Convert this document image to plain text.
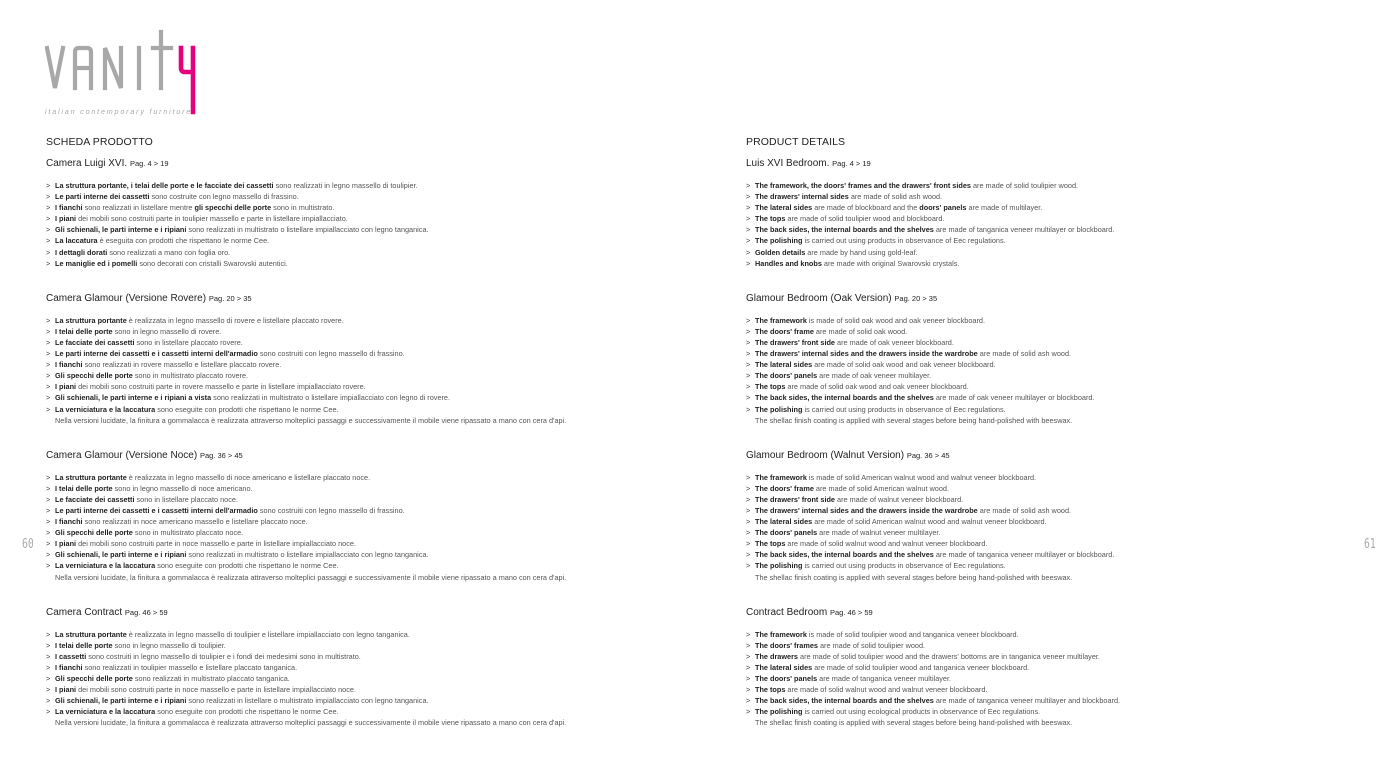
italian contemporary furniture
60	61
SCHEDA PRODOTTO
Camera Luigi XVI. Pag. 4 > 19
> La struttura portante, i telai delle porte e le facciate dei cassetti sono realizzati in legno massello di toulipier.
> Le parti interne dei cassetti sono costruite con legno massello di frassino.
> I fianchi sono realizzati in listellare mentre gli specchi delle porte sono in multistrato.
> I piani dei mobili sono costruiti parte in toulipier massello e parte in listellare impiallacciato.
> Gli schienali, le parti interne e i ripiani sono realizzati in multistrato o listellare impiallacciato con legno tanganica.
> La laccatura è eseguita con prodotti che rispettano le norme Cee.
> I dettagli dorati sono realizzati a mano con foglia oro.
> Le maniglie ed i pomelli sono decorati con cristalli Swarovski autentici.
Camera Glamour (Versione Rovere) Pag. 20 > 35
> La struttura portante è realizzata in legno massello di rovere e listellare placcato rovere.
> I telai delle porte sono in legno massello di rovere.
> Le facciate dei cassetti sono in listellare placcato rovere.
> Le parti interne dei cassetti e i cassetti interni dell'armadio sono costruiti con legno massello di frassino.
> I fianchi sono realizzati in rovere massello e listellare placcato rovere.
> Gli specchi delle porte sono in multistrato placcato rovere.
> I piani dei mobili sono costruiti parte in rovere massello e parte in listellare impiallacciato rovere.
> Gli schienali, le parti interne e i ripiani a vista sono realizzati in multistrato o listellare impiallacciato con legno di rovere.
> La verniciatura e la laccatura sono eseguite con prodotti che rispettano le norme Cee.
Nella versioni lucidate, la finitura a gommalacca è realizzata attraverso molteplici passaggi e successivamente il mobile viene ripassato a mano con cera d'api.
Camera Glamour (Versione Noce) Pag. 36 > 45
> La struttura portante è realizzata in legno massello di noce americano e listellare placcato noce.
> I telai delle porte sono in legno massello di noce americano.
> Le facciate dei cassetti sono in listellare placcato noce.
> Le parti interne dei cassetti e i cassetti interni dell'armadio sono costruiti con legno massello di frassino.
> I fianchi sono realizzati in noce americano massello e listellare placcato noce.
> Gli specchi delle porte sono in multistrato placcato noce.
> I piani dei mobili sono costruiti parte in noce massello e parte in listellare impiallacciato noce.
> Gli schienali, le parti interne e i ripiani sono realizzati in multistrato o listellare impiallacciato con legno tanganica.
> La verniciatura e la laccatura sono eseguite con prodotti che rispettano le norme Cee.
Nella versioni lucidate, la finitura a gommalacca è realizzata attraverso molteplici passaggi e successivamente il mobile viene ripassato a mano con cera d'api.
Camera Contract Pag. 46 > 59
> La struttura portante è realizzata in legno massello di toulipier e listellare impiallacciato con legno tanganica.
> I telai delle porte sono in legno massello di toulipier.
> I cassetti sono costruiti in legno massello di toulipier e i fondi dei medesimi sono in multistrato.
> I fianchi sono realizzati in toulipier massello e listellare placcato tanganica.
> Gli specchi delle porte sono realizzati in multistrato placcato tanganica.
> I piani dei mobili sono costruiti parte in noce massello e parte in listellare impiallacciato noce.
> Gli schienali, le parti interne e i ripiani sono realizzati in listellare o multistrato impiallacciato con legno tanganica.
> La verniciatura e la laccatura sono eseguite con prodotti che rispettano le norme Cee.
Nella versioni lucidate, la finitura a gommalacca è realizzata attraverso molteplici passaggi e successivamente il mobile viene ripassato a mano con cera d'api.
PRODUCT DETAILS
Luis XVI Bedroom. Pag. 4 > 19
> The framework, the doors' frames and the drawers' front sides are made of solid toulipier wood.
> The drawers' internal sides are made of solid ash wood.
> The lateral sides are made of blockboard and the doors' panels are made of multilayer.
> The tops are made of solid toulipier wood and blockboard.
> The back sides, the internal boards and the shelves are made of tanganica veneer multilayer or blockboard.
> The polishing is carried out using products in observance of Eec regulations.
> Golden details are made by hand using gold-leaf.
> Handles and knobs are made with original Swarovski crystals.
Glamour Bedroom (Oak Version) Pag. 20 > 35
> The framework is made of solid oak wood and oak veneer blockboard.
> The doors' frame are made of solid oak wood.
> The drawers' front side are made of oak veneer blockboard.
> The drawers' internal sides and the drawers inside the wardrobe are made of solid ash wood.
> The lateral sides are made of solid oak wood and oak veneer blockboard.
> The doors' panels are made of oak veneer multilayer.
> The tops are made of solid oak wood and oak veneer blockboard.
> The back sides, the internal boards and the shelves are made of oak veneer multilayer or blockboard.
> The polishing is carried out using products in observance of Eec regulations.
The shellac finish coating is applied with several stages before being hand-polished with beeswax.
Glamour Bedroom (Walnut Version) Pag. 36 > 45
> The framework is made of solid American walnut wood and walnut veneer blockboard.
> The doors' frame are made of solid American walnut wood.
> The drawers' front side are made of walnut veneer blockboard.
> The drawers' internal sides and the drawers inside the wardrobe are made of solid ash wood.
> The lateral sides are made of solid American walnut wood and walnut veneer blockboard.
> The doors' panels are made of walnut veneer multilayer.
> The tops are made of solid walnut wood and walnut veneer blockboard.
> The back sides, the internal boards and the shelves are made of tanganica veneer multilayer or blockboard.
> The polishing is carried out using products in observance of Eec regulations.
The shellac finish coating is applied with several stages before being hand-polished with beeswax.
Contract Bedroom Pag. 46 > 59
> The framework is made of solid toulipier wood and tanganica veneer blockboard.
> The doors' frames are made of solid toulipier wood.
> The drawers are made of solid toulipier wood and the drawers' bottoms are in tanganica veneer multilayer.
> The lateral sides are made of solid toulipier wood and tanganica veneer blockboard.
> The doors' panels are made of tanganica veneer multilayer.
> The tops are made of solid walnut wood and walnut veneer blockboard.
> The back sides, the internal boards and the shelves are made of tanganica veneer multilayer and blockboard.
> The polishing is carried out using ecological products in observance of Eec regulations.
The shellac finish coating is applied with several stages before being hand-polished with beeswax.
